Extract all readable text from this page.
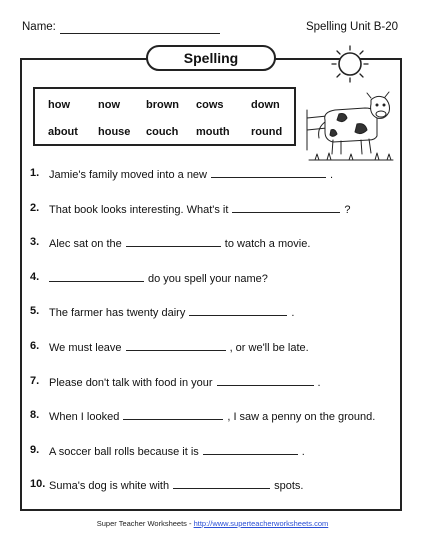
Name:	Spelling Unit B-20
Spelling
how	now brown cows down
about house couch mouth round
1. Jamie's family moved into a new	.
2. That book looks interesting. What's it	?
3. Alec sat on the	to watch a movie.
4.	do you spell your name?
5. The farmer has twenty dairy	.
6. We must leave	, or we'll be late.
7. Please don't talk with food in your	.
8. When I looked	, I saw a penny on the ground.
9. A soccer ball rolls because it is	.
10. Suma's dog is white with	spots.
Super Teacher Worksheets - http://www.superteacherworksheets.com
